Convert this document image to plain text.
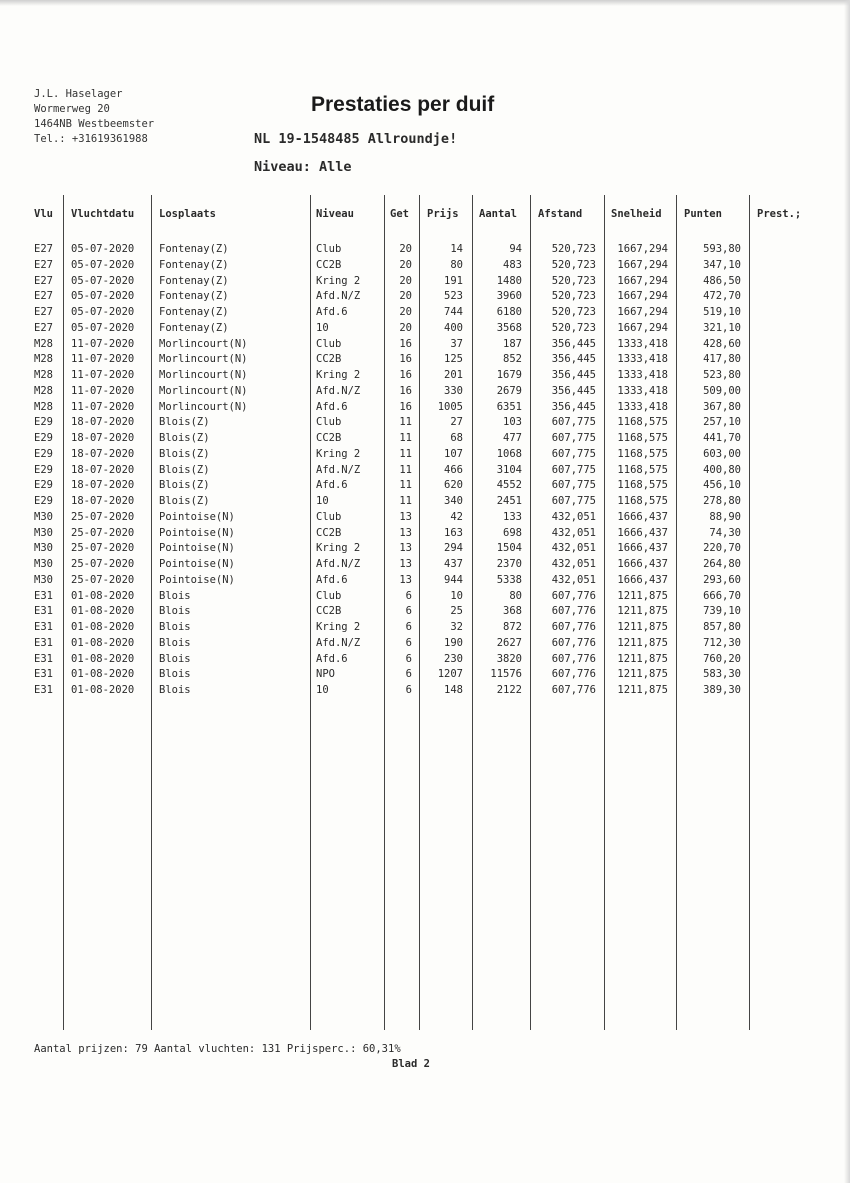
J.L. Haselager
Wormerweg 20
1464NB Westbeemster
Tel.: +31619361988
Prestaties per duif
NL 19-1548485 Allroundje!
Niveau: Alle
Vlu Vluchtdatu Losplaats	Niveau	Get Prijs Aantal Afstand	Snelheid Punten	Prest.;
E27 05-07-2020 Fontenay(Z)	Club	20	14	94	520,723 1667,294	593,80
E27 05-07-2020 Fontenay(Z)	CC2B	20	80	483	520,723 1667,294	347,10
E27 05-07-2020 Fontenay(Z)	Kring 2	20	191	1480	520,723 1667,294	486,50
E27 05-07-2020 Fontenay(Z)	Afd.N/Z	20	523	3960	520,723 1667,294	472,70
E27 05-07-2020 Fontenay(Z)	Afd.6	20	744	6180	520,723 1667,294	519,10
E27 05-07-2020 Fontenay(Z)	10	20	400	3568	520,723 1667,294	321,10
M28 11-07-2020 Morlincourt(N)	Club	16	37	187	356,445 1333,418	428,60
M28 11-07-2020 Morlincourt(N)	CC2B	16	125	852	356,445 1333,418	417,80
M28 11-07-2020 Morlincourt(N)	Kring 2	16	201	1679	356,445 1333,418	523,80
M28 11-07-2020 Morlincourt(N)	Afd.N/Z	16	330	2679	356,445 1333,418	509,00
M28 11-07-2020 Morlincourt(N)	Afd.6	16 1005	6351	356,445 1333,418	367,80
E29 18-07-2020 Blois(Z)	Club	11	27	103	607,775 1168,575	257,10
E29 18-07-2020 Blois(Z)	CC2B	11	68	477	607,775 1168,575	441,70
E29 18-07-2020 Blois(Z)	Kring 2	11	107	1068	607,775 1168,575	603,00
E29 18-07-2020 Blois(Z)	Afd.N/Z	11	466	3104	607,775 1168,575	400,80
E29 18-07-2020 Blois(Z)	Afd.6	11	620	4552	607,775 1168,575	456,10
E29 18-07-2020 Blois(Z)	10	11	340	2451	607,775 1168,575	278,80
M30 25-07-2020 Pointoise(N)	Club	13	42	133	432,051 1666,437	88,90
M30 25-07-2020 Pointoise(N)	CC2B	13	163	698	432,051 1666,437	74,30
M30 25-07-2020 Pointoise(N)	Kring 2	13	294	1504	432,051 1666,437	220,70
M30 25-07-2020 Pointoise(N)	Afd.N/Z	13	437	2370	432,051 1666,437	264,80
M30 25-07-2020 Pointoise(N)	Afd.6	13	944	5338	432,051 1666,437	293,60
E31 01-08-2020 Blois	Club	6	10	80	607,776 1211,875	666,70
E31 01-08-2020 Blois	CC2B	6	25	368	607,776 1211,875	739,10
E31 01-08-2020 Blois	Kring 2	6	32	872	607,776 1211,875	857,80
E31 01-08-2020 Blois	Afd.N/Z	6	190	2627	607,776 1211,875	712,30
E31 01-08-2020 Blois	Afd.6	6	230	3820	607,776 1211,875	760,20
E31 01-08-2020 Blois	NPO	6 1207	11576	607,776 1211,875	583,30
E31 01-08-2020 Blois	10	6	148	2122	607,776 1211,875	389,30
Aantal prijzen: 79 Aantal vluchten: 131 Prijsperc.: 60,31%
Blad 2
